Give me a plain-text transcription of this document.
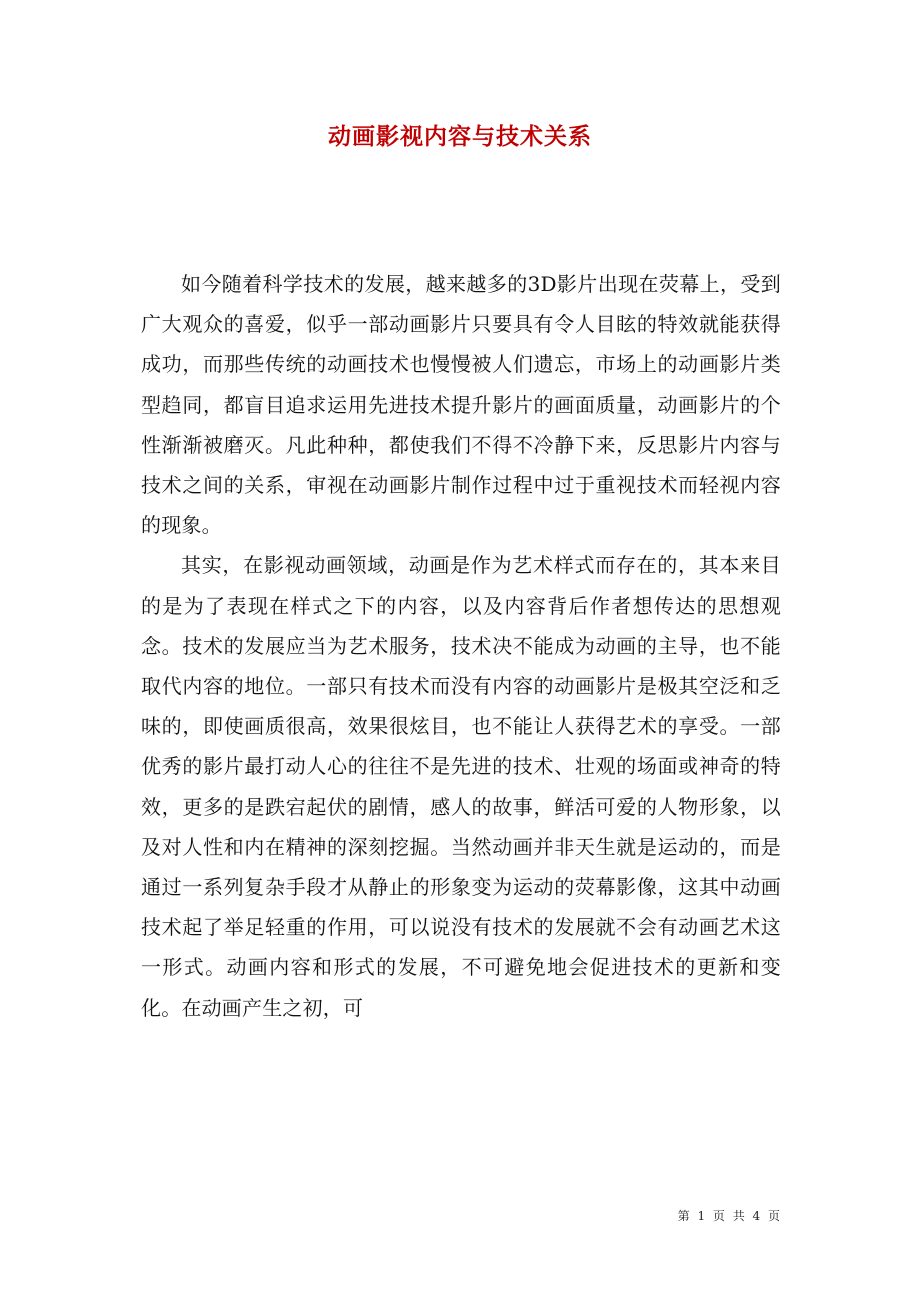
动画影视内容与技术关系

如今随着科学技术的发展，越来越多的3D影片出现在荧幕上，受到广大观众的喜爱，似乎一部动画影片只要具有令人目眩的特效就能获得成功，而那些传统的动画技术也慢慢被人们遗忘，市场上的动画影片类型趋同，都盲目追求运用先进技术提升影片的画面质量，动画影片的个性渐渐被磨灭。凡此种种，都使我们不得不冷静下来，反思影片内容与技术之间的关系，审视在动画影片制作过程中过于重视技术而轻视内容的现象。

其实，在影视动画领域，动画是作为艺术样式而存在的，其本来目的是为了表现在样式之下的内容，以及内容背后作者想传达的思想观念。技术的发展应当为艺术服务，技术决不能成为动画的主导，也不能取代内容的地位。一部只有技术而没有内容的动画影片是极其空泛和乏味的，即使画质很高，效果很炫目，也不能让人获得艺术的享受。一部优秀的影片最打动人心的往往不是先进的技术、壮观的场面或神奇的特效，更多的是跌宕起伏的剧情，感人的故事，鲜活可爱的人物形象，以及对人性和内在精神的深刻挖掘。当然动画并非天生就是运动的，而是通过一系列复杂手段才从静止的形象变为运动的荧幕影像，这其中动画技术起了举足轻重的作用，可以说没有技术的发展就不会有动画艺术这一形式。动画内容和形式的发展，不可避免地会促进技术的更新和变化。在动画产生之初，可

第 1 页 共 4 页
